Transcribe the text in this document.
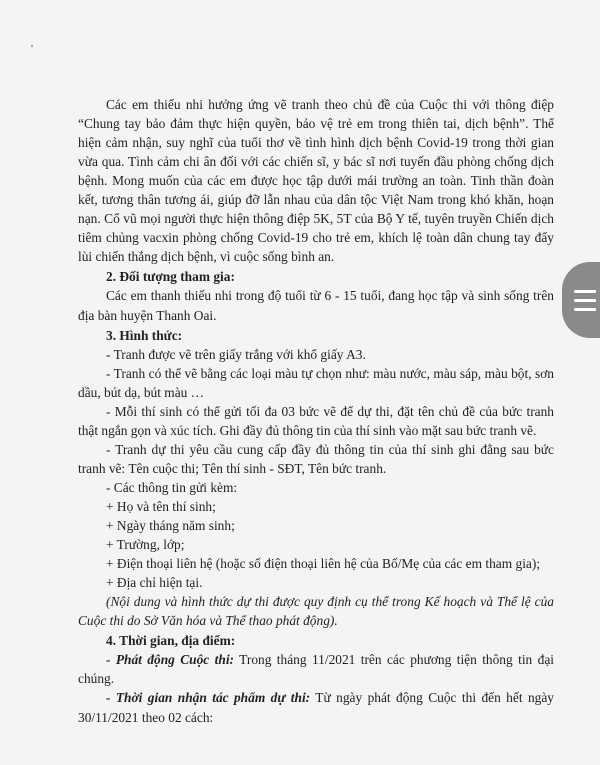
Các em thiếu nhi hưởng ứng vẽ tranh theo chủ đề của Cuộc thi với thông điệp “Chung tay bảo đảm thực hiện quyền, bảo vệ trẻ em trong thiên tai, dịch bệnh”. Thể hiện cảm nhận, suy nghĩ của tuổi thơ về tình hình dịch bệnh Covid-19 trong thời gian vừa qua. Tình cảm chi ân đối với các chiến sĩ, y bác sĩ nơi tuyến đầu phòng chống dịch bệnh. Mong muốn của các em được học tập dưới mái trường an toàn. Tinh thần đoàn kết, tương thân tương ái, giúp đỡ lẫn nhau của dân tộc Việt Nam trong khó khăn, hoạn nạn. Cổ vũ mọi người thực hiện thông điệp 5K, 5T của Bộ Y tế, tuyên truyền Chiến dịch tiêm chủng vacxin phòng chống Covid-19 cho trẻ em, khích lệ toàn dân chung tay đẩy lùi chiến thắng dịch bệnh, vì cuộc sống bình an.
2. Đối tượng tham gia:
Các em thanh thiếu nhi trong độ tuổi từ 6 - 15 tuổi, đang học tập và sinh sống trên địa bàn huyện Thanh Oai.
3. Hình thức:
- Tranh được vẽ trên giấy trắng với khổ giấy A3.
- Tranh có thể vẽ bằng các loại màu tự chọn như: màu nước, màu sáp, màu bột, sơn dầu, bút dạ, bút màu …
- Mỗi thí sinh có thể gửi tối đa 03 bức vẽ để dự thi, đặt tên chủ đề của bức tranh thật ngắn gọn và xúc tích. Ghi đầy đủ thông tin của thí sinh vào mặt sau bức tranh vẽ.
- Tranh dự thi yêu cầu cung cấp đầy đủ thông tin của thí sinh ghi đằng sau bức tranh vẽ: Tên cuộc thi; Tên thí sinh - SĐT, Tên bức tranh.
- Các thông tin gửi kèm:
+ Họ và tên thí sinh;
+ Ngày tháng năm sinh;
+ Trường, lớp;
+ Điện thoại liên hệ (hoặc số điện thoại liên hệ của Bố/Mẹ của các em tham gia);
+ Địa chỉ hiện tại.
(Nội dung và hình thức dự thi được quy định cụ thể trong Kế hoạch và Thể lệ của Cuộc thi do Sở Văn hóa và Thể thao phát động).
4. Thời gian, địa điểm:
- Phát động Cuộc thi: Trong tháng 11/2021 trên các phương tiện thông tin đại chúng.
- Thời gian nhận tác phẩm dự thi: Từ ngày phát động Cuộc thi đến hết ngày 30/11/2021 theo 02 cách:
